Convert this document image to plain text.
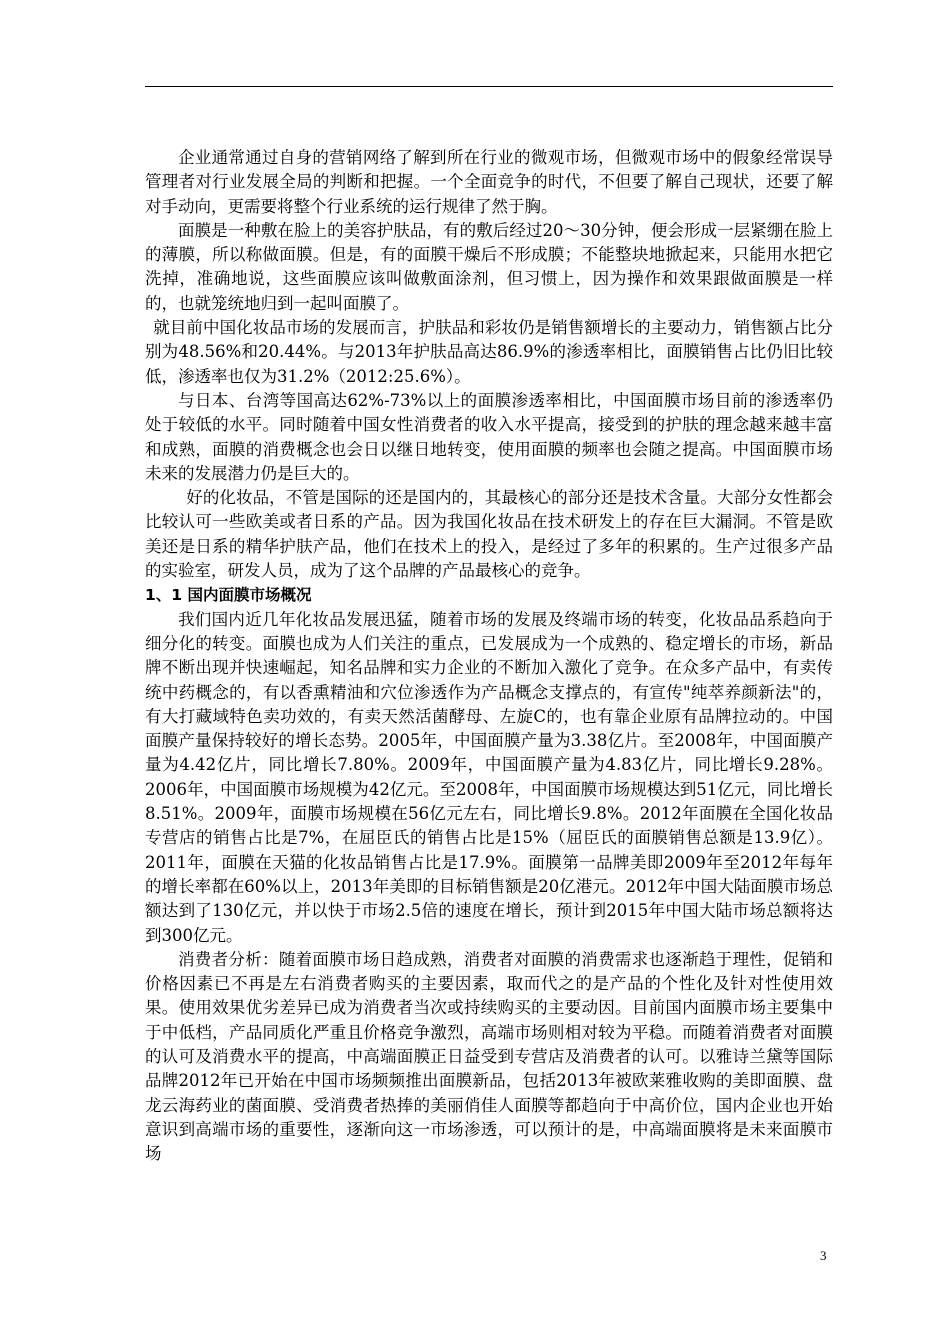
企业通常通过自身的营销网络了解到所在行业的微观市场，但微观市场中的假象经常误导管理者对行业发展全局的判断和把握。一个全面竞争的时代，不但要了解自己现状，还要了解对手动向，更需要将整个行业系统的运行规律了然于胸。

面膜是一种敷在脸上的美容护肤品，有的敷后经过20～30分钟，便会形成一层紧绷在脸上的薄膜，所以称做面膜。但是，有的面膜干燥后不形成膜；不能整块地掀起来，只能用水把它洗掉，准确地说，这些面膜应该叫做敷面涂剂，但习惯上，因为操作和效果跟做面膜是一样的，也就笼统地归到一起叫面膜了。

就目前中国化妆品市场的发展而言，护肤品和彩妆仍是销售额增长的主要动力，销售额占比分别为48.56%和20.44%。与2013年护肤品高达86.9%的渗透率相比，面膜销售占比仍旧比较低，渗透率也仅为31.2%（2012:25.6%）。

与日本、台湾等国高达62%-73%以上的面膜渗透率相比，中国面膜市场目前的渗透率仍处于较低的水平。同时随着中国女性消费者的收入水平提高，接受到的护肤的理念越来越丰富和成熟，面膜的消费概念也会日以继日地转变，使用面膜的频率也会随之提高。中国面膜市场未来的发展潜力仍是巨大的。

好的化妆品，不管是国际的还是国内的，其最核心的部分还是技术含量。大部分女性都会比较认可一些欧美或者日系的产品。因为我国化妆品在技术研发上的存在巨大漏洞。不管是欧美还是日系的精华护肤产品，他们在技术上的投入，是经过了多年的积累的。生产过很多产品的实验室，研发人员，成为了这个品牌的产品最核心的竞争。

1、1 国内面膜市场概况

我们国内近几年化妆品发展迅猛，随着市场的发展及终端市场的转变，化妆品品系趋向于细分化的转变。面膜也成为人们关注的重点，已发展成为一个成熟的、稳定增长的市场，新品牌不断出现并快速崛起，知名品牌和实力企业的不断加入激化了竞争。在众多产品中，有卖传统中药概念的，有以香熏精油和穴位渗透作为产品概念支撑点的，有宣传"纯萃养颜新法"的，有大打藏域特色卖功效的，有卖天然活菌酵母、左旋C的，也有靠企业原有品牌拉动的。中国面膜产量保持较好的增长态势。2005年，中国面膜产量为3.38亿片。至2008年，中国面膜产量为4.42亿片，同比增长7.80%。2009年，中国面膜产量为4.83亿片，同比增长9.28%。2006年，中国面膜市场规模为42亿元。至2008年，中国面膜市场规模达到51亿元，同比增长8.51%。2009年，面膜市场规模在56亿元左右，同比增长9.8%。2012年面膜在全国化妆品专营店的销售占比是7%，在屈臣氏的销售占比是15%（屈臣氏的面膜销售总额是13.9亿）。2011年，面膜在天猫的化妆品销售占比是17.9%。面膜第一品牌美即2009年至2012年每年的增长率都在60%以上，2013年美即的目标销售额是20亿港元。2012年中国大陆面膜市场总额达到了130亿元，并以快于市场2.5倍的速度在增长，预计到2015年中国大陆市场总额将达到300亿元。

消费者分析：随着面膜市场日趋成熟，消费者对面膜的消费需求也逐渐趋于理性，促销和价格因素已不再是左右消费者购买的主要因素，取而代之的是产品的个性化及针对性使用效果。使用效果优劣差异已成为消费者当次或持续购买的主要动因。目前国内面膜市场主要集中于中低档，产品同质化严重且价格竞争激烈，高端市场则相对较为平稳。而随着消费者对面膜的认可及消费水平的提高，中高端面膜正日益受到专营店及消费者的认可。以雅诗兰黛等国际品牌2012年已开始在中国市场频频推出面膜新品，包括2013年被欧莱雅收购的美即面膜、盘龙云海药业的菌面膜、受消费者热捧的美丽俏佳人面膜等都趋向于中高价位，国内企业也开始意识到高端市场的重要性，逐渐向这一市场渗透，可以预计的是，中高端面膜将是未来面膜市场

3
